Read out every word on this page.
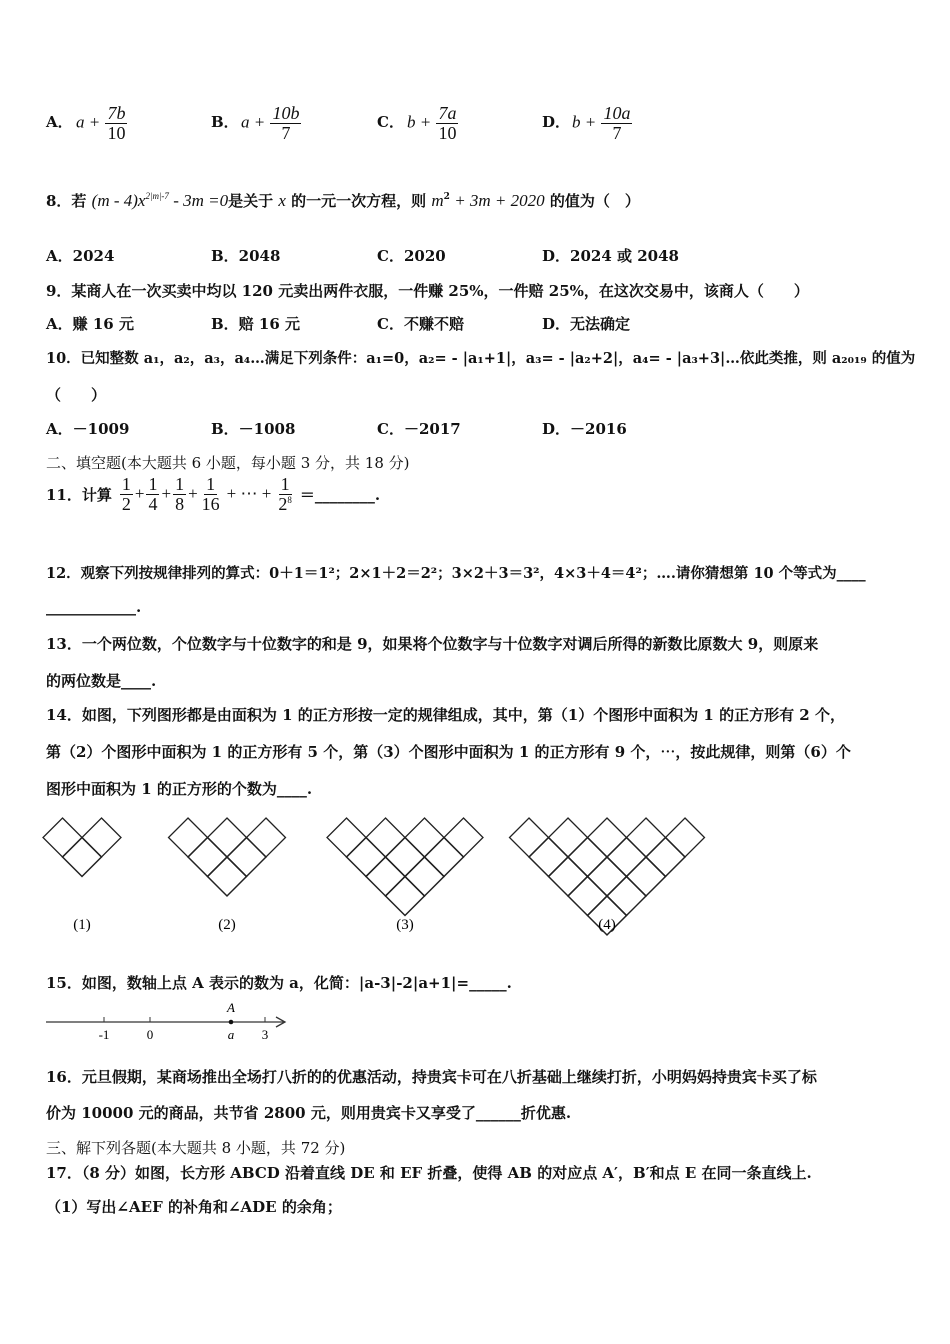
A． $a + \frac{7b}{10}$	B． $a + \frac{10b}{7}$	C． $b + \frac{7a}{10}$	D． $b + \frac{10a}{7}$
8．若 $(m - 4)x^{2|m|-7} - 3m =0$是关于 x 的一元一次方程，则 $m^2 + 3m + 2020$ 的值为（　）
A．2024	B．2048	C．2020	D．2024 或 2048
9．某商人在一次买卖中均以 120 元卖出两件衣服，一件赚 25%，一件赔 25%，在这次交易中，该商人（　　）
A．赚 16 元	B．赔 16 元	C．不赚不赔	D．无法确定
10．已知整数 a₁，a₂，a₃，a₄…满足下列条件：a₁=0，a₂= - |a₁+1|，a₃= - |a₂+2|，a₄= - |a₃+3|…依此类推，则 a₂₀₁₉ 的值为
（　　）
A．－1009	B．－1008	C．－2017	D．－2016
二、填空题(本大题共 6 小题，每小题 3 分，共 18 分)
11．计算 $\frac{1}{2} + \frac{1}{4} + \frac{1}{8} + \frac{1}{16}$ + ⋯ + $\frac{1}{2^8}$ ＝________.
12．观察下列按规律排列的算式：0＋1＝1²；2×1＋2＝2²；3×2＋3＝3²，4×3＋4＝4²；….请你猜想第 10 个等式为____
____________.
13．一个两位数，个位数字与十位数字的和是 9，如果将个位数字与十位数字对调后所得的新数比原数大 9，则原来
的两位数是____.
14．如图，下列图形都是由面积为 1 的正方形按一定的规律组成，其中，第（1）个图形中面积为 1 的正方形有 2 个，
第（2）个图形中面积为 1 的正方形有 5 个，第（3）个图形中面积为 1 的正方形有 9 个，⋯，按此规律，则第（6）个
图形中面积为 1 的正方形的个数为____.
(1)	(2)	(3)	(4)
15．如图，数轴上点 A 表示的数为 a，化简：|a-3|-2|a+1|=_____.
-1	0
A
a 3
16．元旦假期，某商场推出全场打八折的的优惠活动，持贵宾卡可在八折基础上继续打折，小明妈妈持贵宾卡买了标
价为 10000 元的商品，共节省 2800 元，则用贵宾卡又享受了______折优惠.
三、解下列各题(本大题共 8 小题，共 72 分)
17．（8 分）如图，长方形 ABCD 沿着直线 DE 和 EF 折叠，使得 AB 的对应点 A′，B′和点 E 在同一条直线上.
（1）写出∠AEF 的补角和∠ADE 的余角；
